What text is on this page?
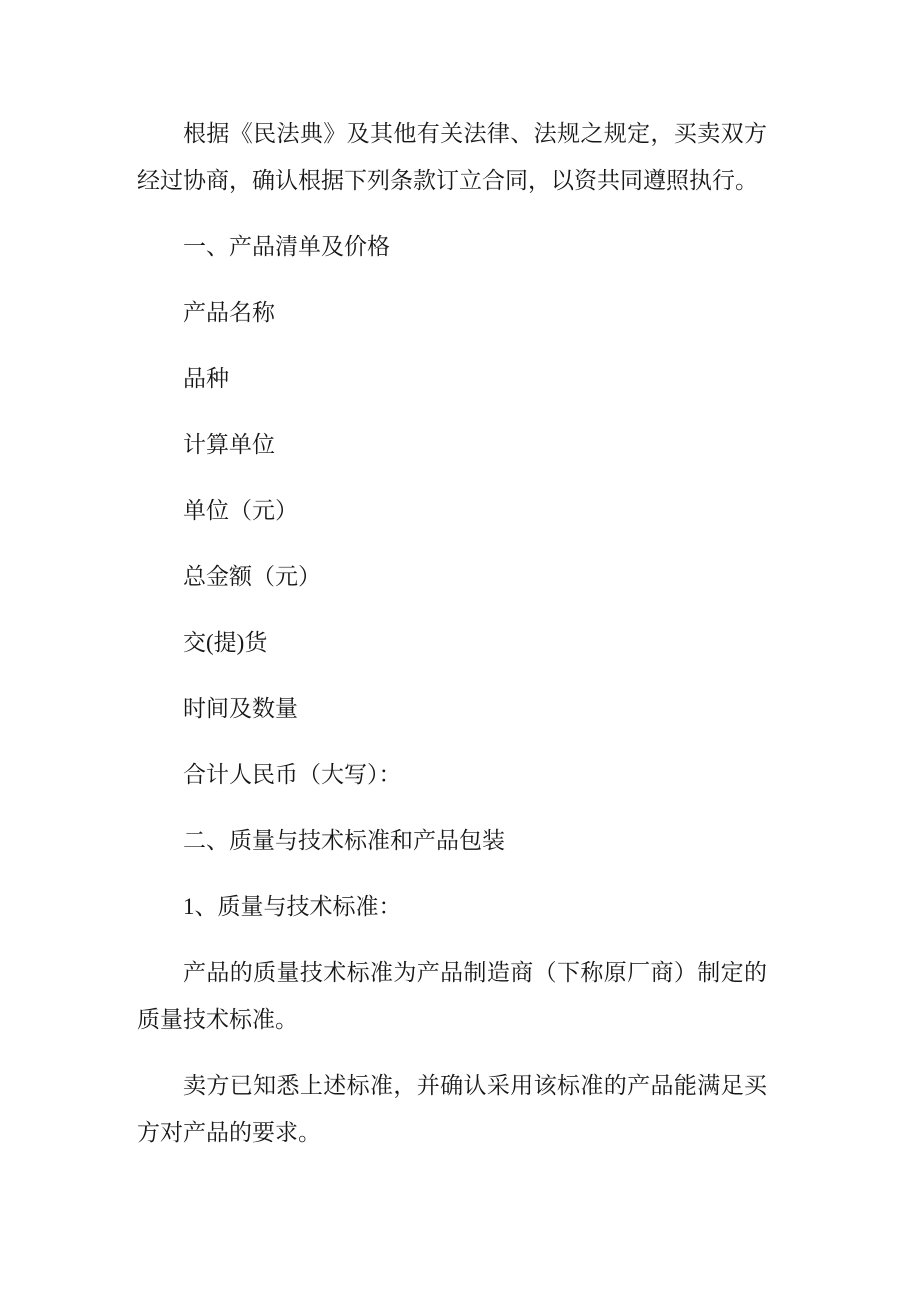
根据《民法典》及其他有关法律、法规之规定，买卖双方经过协商，确认根据下列条款订立合同，以资共同遵照执行。

一、产品清单及价格

产品名称

品种

计算单位

单位（元）

总金额（元）

交(提)货

时间及数量

合计人民币（大写）：

二、质量与技术标准和产品包装

1、质量与技术标准：

产品的质量技术标准为产品制造商（下称原厂商）制定的质量技术标准。

卖方已知悉上述标准，并确认采用该标准的产品能满足买方对产品的要求。
